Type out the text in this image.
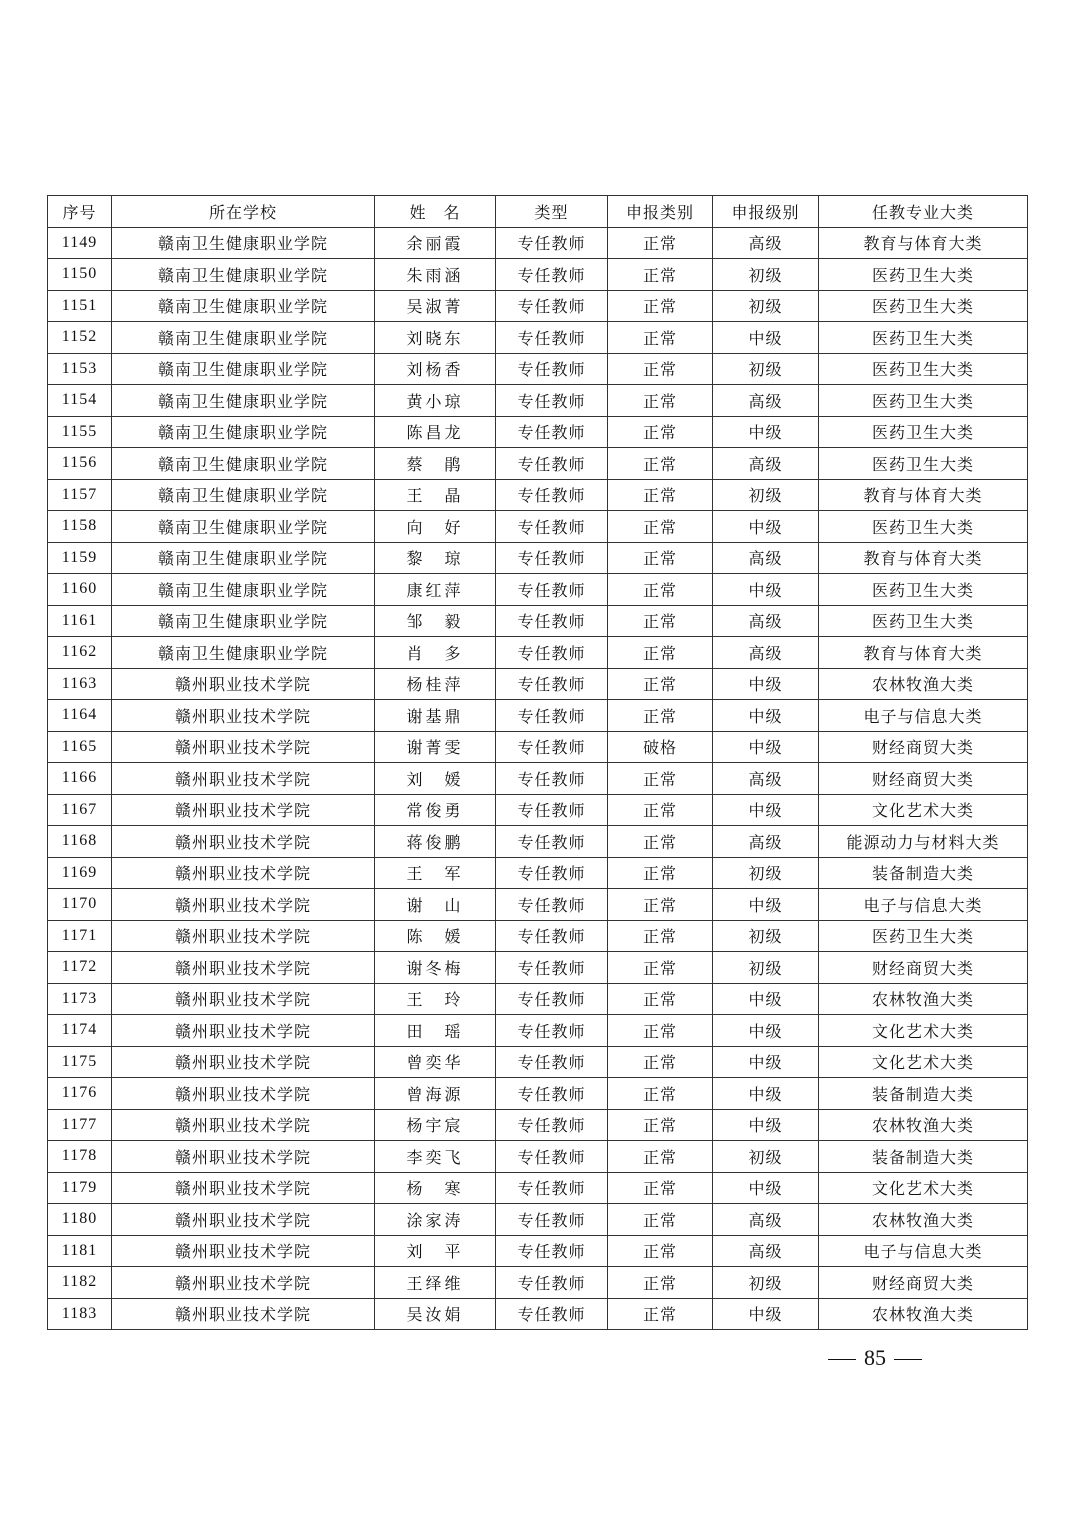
序号	所在学校	姓　名	类型	申报类别	申报级别	任教专业大类
1149	赣南卫生健康职业学院	余丽霞	专任教师	正常	高级	教育与体育大类
1150	赣南卫生健康职业学院	朱雨涵	专任教师	正常	初级	医药卫生大类
1151	赣南卫生健康职业学院	吴淑菁	专任教师	正常	初级	医药卫生大类
1152	赣南卫生健康职业学院	刘晓东	专任教师	正常	中级	医药卫生大类
1153	赣南卫生健康职业学院	刘杨香	专任教师	正常	初级	医药卫生大类
1154	赣南卫生健康职业学院	黄小琼	专任教师	正常	高级	医药卫生大类
1155	赣南卫生健康职业学院	陈昌龙	专任教师	正常	中级	医药卫生大类
1156	赣南卫生健康职业学院	蔡　鹃	专任教师	正常	高级	医药卫生大类
1157	赣南卫生健康职业学院	王　晶	专任教师	正常	初级	教育与体育大类
1158	赣南卫生健康职业学院	向　好	专任教师	正常	中级	医药卫生大类
1159	赣南卫生健康职业学院	黎　琼	专任教师	正常	高级	教育与体育大类
1160	赣南卫生健康职业学院	康红萍	专任教师	正常	中级	医药卫生大类
1161	赣南卫生健康职业学院	邹　毅	专任教师	正常	高级	医药卫生大类
1162	赣南卫生健康职业学院	肖　多	专任教师	正常	高级	教育与体育大类
1163	赣州职业技术学院	杨桂萍	专任教师	正常	中级	农林牧渔大类
1164	赣州职业技术学院	谢基鼎	专任教师	正常	中级	电子与信息大类
1165	赣州职业技术学院	谢菁雯	专任教师	破格	中级	财经商贸大类
1166	赣州职业技术学院	刘　媛	专任教师	正常	高级	财经商贸大类
1167	赣州职业技术学院	常俊勇	专任教师	正常	中级	文化艺术大类
1168	赣州职业技术学院	蒋俊鹏	专任教师	正常	高级	能源动力与材料大类
1169	赣州职业技术学院	王　军	专任教师	正常	初级	装备制造大类
1170	赣州职业技术学院	谢　山	专任教师	正常	中级	电子与信息大类
1171	赣州职业技术学院	陈　媛	专任教师	正常	初级	医药卫生大类
1172	赣州职业技术学院	谢冬梅	专任教师	正常	初级	财经商贸大类
1173	赣州职业技术学院	王　玲	专任教师	正常	中级	农林牧渔大类
1174	赣州职业技术学院	田　瑶	专任教师	正常	中级	文化艺术大类
1175	赣州职业技术学院	曾奕华	专任教师	正常	中级	文化艺术大类
1176	赣州职业技术学院	曾海源	专任教师	正常	中级	装备制造大类
1177	赣州职业技术学院	杨宇宸	专任教师	正常	中级	农林牧渔大类
1178	赣州职业技术学院	李奕飞	专任教师	正常	初级	装备制造大类
1179	赣州职业技术学院	杨　寒	专任教师	正常	中级	文化艺术大类
1180	赣州职业技术学院	涂家涛	专任教师	正常	高级	农林牧渔大类
1181	赣州职业技术学院	刘　平	专任教师	正常	高级	电子与信息大类
1182	赣州职业技术学院	王绎维	专任教师	正常	初级	财经商贸大类
1183	赣州职业技术学院	吴汝娟	专任教师	正常	中级	农林牧渔大类
85
